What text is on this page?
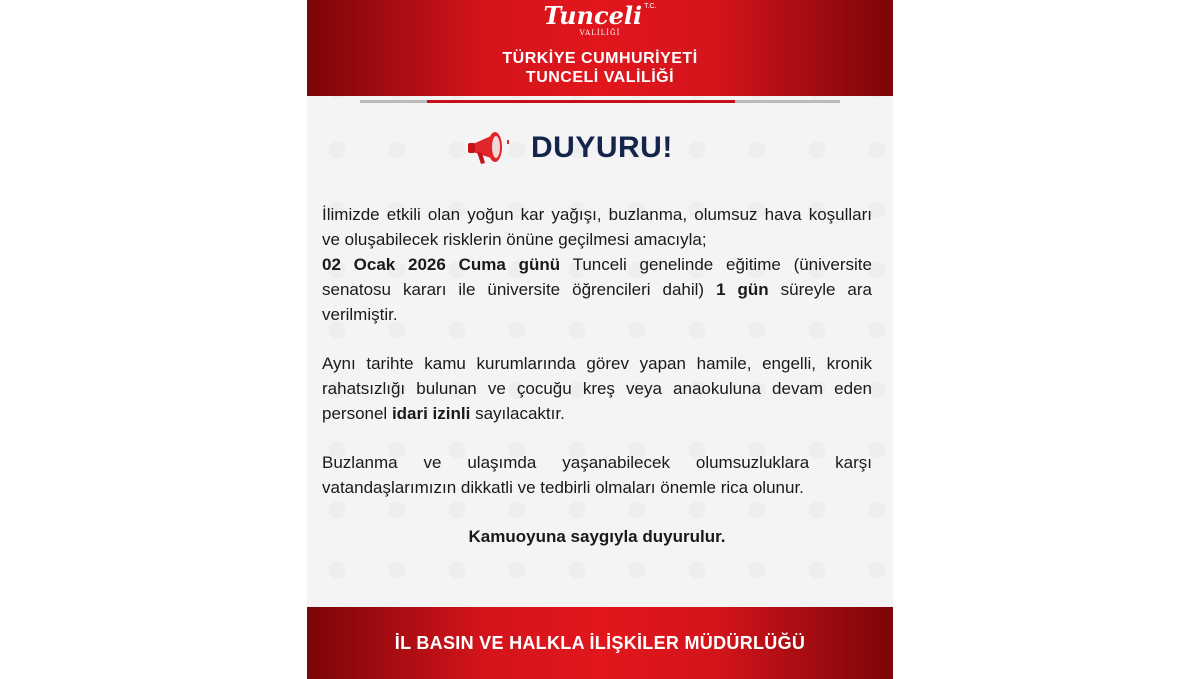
Tunceli $^{T.C.}$
VALİLİĞİ
TÜRKİYE CUMHURİYETİ
TUNCELİ VALİLİĞİ
DUYURU!

İlimizde etkili olan yoğun kar yağışı, buzlanma, olumsuz hava koşulları ve oluşabilecek risklerin önüne geçilmesi amacıyla;
02 Ocak 2026 Cuma günü Tunceli genelinde eğitime (üniversite senatosu kararı ile üniversite öğrencileri dahil) 1 gün süreyle ara verilmiştir.

Aynı tarihte kamu kurumlarında görev yapan hamile, engelli, kronik rahatsızlığı bulunan ve çocuğu kreş veya anaokuluna devam eden personel idari izinli sayılacaktır.

Buzlanma ve ulaşımda yaşanabilecek olumsuzluklara karşı vatandaşlarımızın dikkatli ve tedbirli olmaları önemle rica olunur.

Kamuoyuna saygıyla duyurulur.
İL BASIN VE HALKLA İLİŞKİLER MÜDÜRLÜĞÜ
